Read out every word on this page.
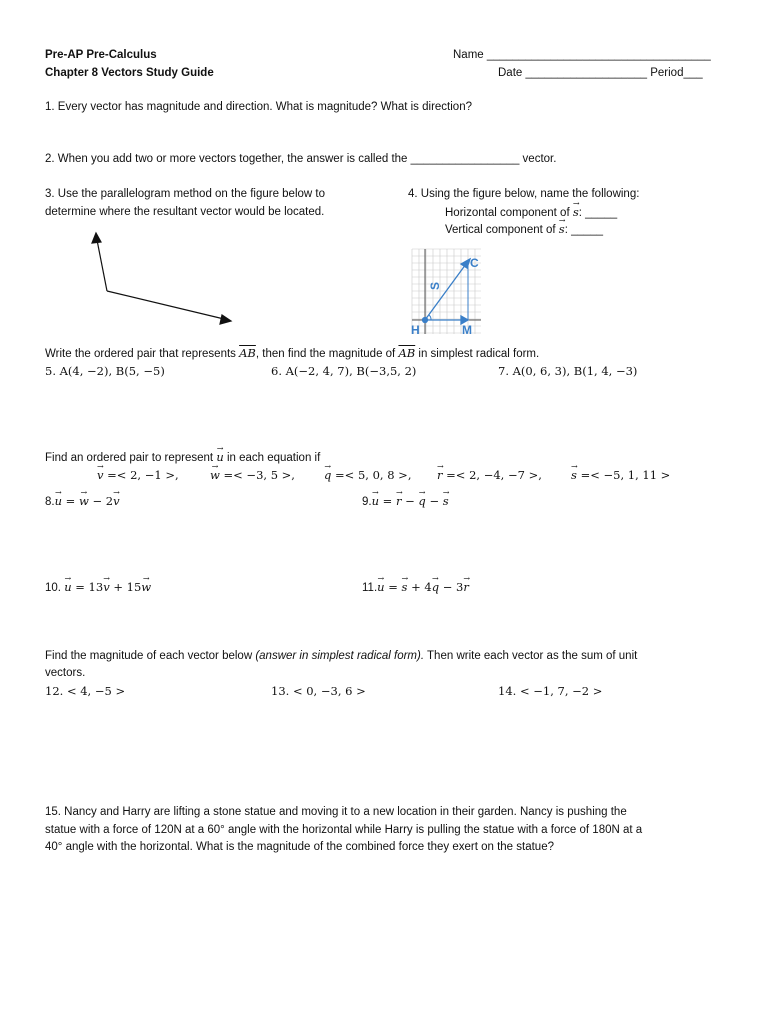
Pre-AP Pre-Calculus
Chapter 8 Vectors Study Guide
Name ___________________________________
Date ___________________ Period___
1. Every vector has magnitude and direction. What is magnitude? What is direction?
2. When you add two or more vectors together, the answer is called the _________________ vector.
3. Use the parallelogram method on the figure below to
determine where the resultant vector would be located.
4. Using the figure below, name the following:
Horizontal component of → s: _____
Vertical component of → s: _____
S
C
H	M
Write the ordered pair that represents $\overline{AB}$, then find the magnitude of $\overline{AB}$ in simplest radical form.
5. A(4, −2), B(5, −5)	6. A(−2, 4, 7), B(−3,5, 2)	7. A(0, 6, 3), B(1, 4, −3)
Find an ordered pair to represent → u in each equation if
→ v =< 2, −1 >,	→ w =< −3, 5 >,	→ q =< 5, 0, 8 >, → r =< 2, −4, −7 >,	→ s =< −5, 1, 11 >
8.→ u = → w − 2→ v	9.→ u = → r − → q − → s
10. → u = 13→ v + 15→ w	11.→ u = → s + 4→ q − 3→ r
Find the magnitude of each vector below (answer in simplest radical form). Then write each vector as the sum of unit
vectors.
12. < 4, −5 >	13. < 0, −3, 6 >	14. < −1, 7, −2 >
15. Nancy and Harry are lifting a stone statue and moving it to a new location in their garden. Nancy is pushing the
statue with a force of 120N at a 60° angle with the horizontal while Harry is pulling the statue with a force of 180N at a
40° angle with the horizontal. What is the magnitude of the combined force they exert on the statue?
